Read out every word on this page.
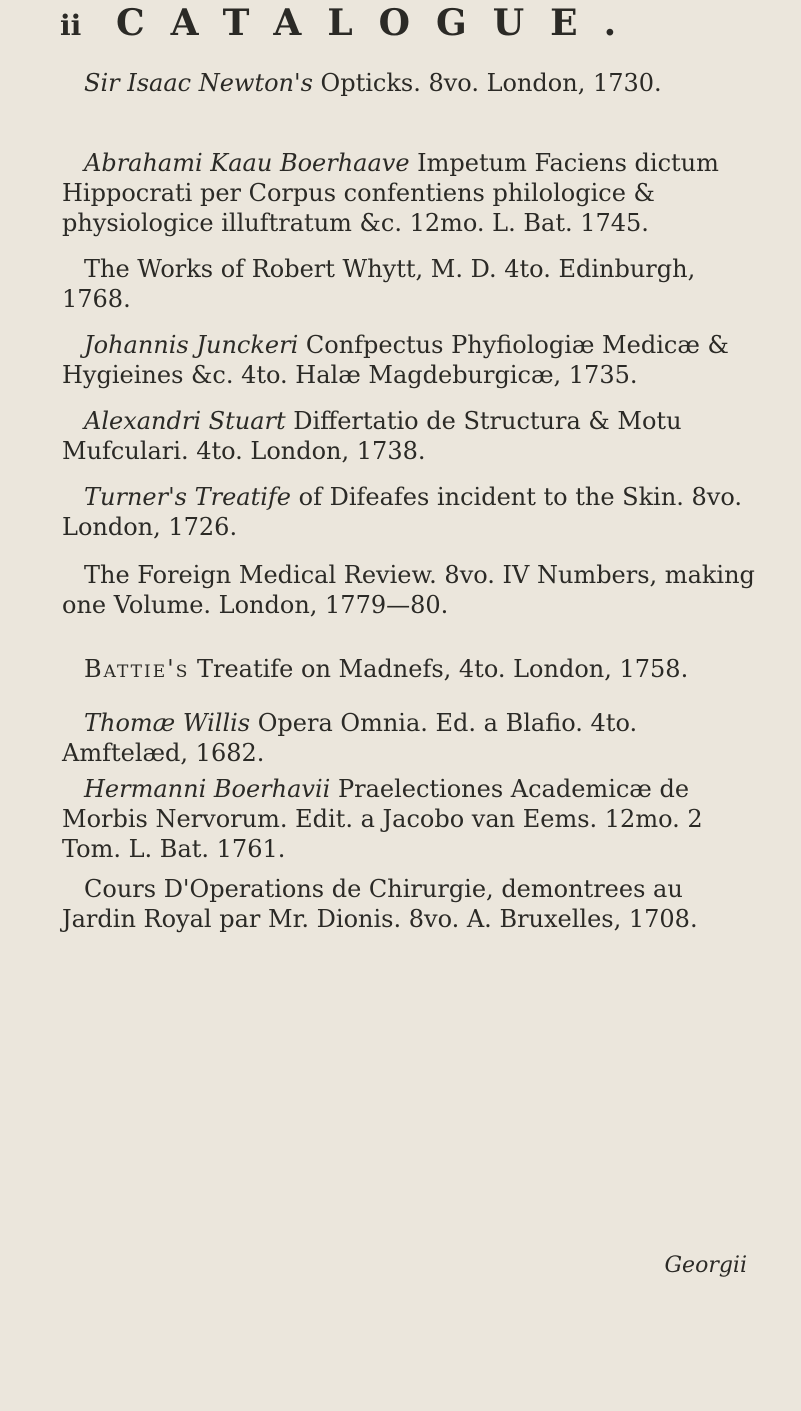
ii CATALOGUE.
Sir Isaac Newton's Opticks. 8vo. London, 1730.
Abrahami Kaau Boerhaave Impetum Faciens dictum Hippocrati per Corpus confentiens philologice & physiologice illuftratum &c. 12mo. L. Bat. 1745.
The Works of Robert Whytt, M. D. 4to. Edinburgh, 1768.
Johannis Junckeri Confpectus Phyfiologiæ Medicæ & Hygieines &c. 4to. Halæ Magdeburgicæ, 1735.
Alexandri Stuart Differtatio de Structura & Motu Mufculari. 4to. London, 1738.
Turner's Treatife of Difeafes incident to the Skin. 8vo. London, 1726.
The Foreign Medical Review. 8vo. IV Numbers, making one Volume. London, 1779—80.
Battie's Treatife on Madnefs, 4to. London, 1758.
Thomæ Willis Opera Omnia. Ed. a Blafio. 4to. Amftelæd, 1682.
Hermanni Boerhavii Praelectiones Academicæ de Morbis Nervorum. Edit. a Jacobo van Eems. 12mo. 2 Tom. L. Bat. 1761.
Cours D'Operations de Chirurgie, demontrees au Jardin Royal par Mr. Dionis. 8vo. A. Bruxelles, 1708.
Georgii
